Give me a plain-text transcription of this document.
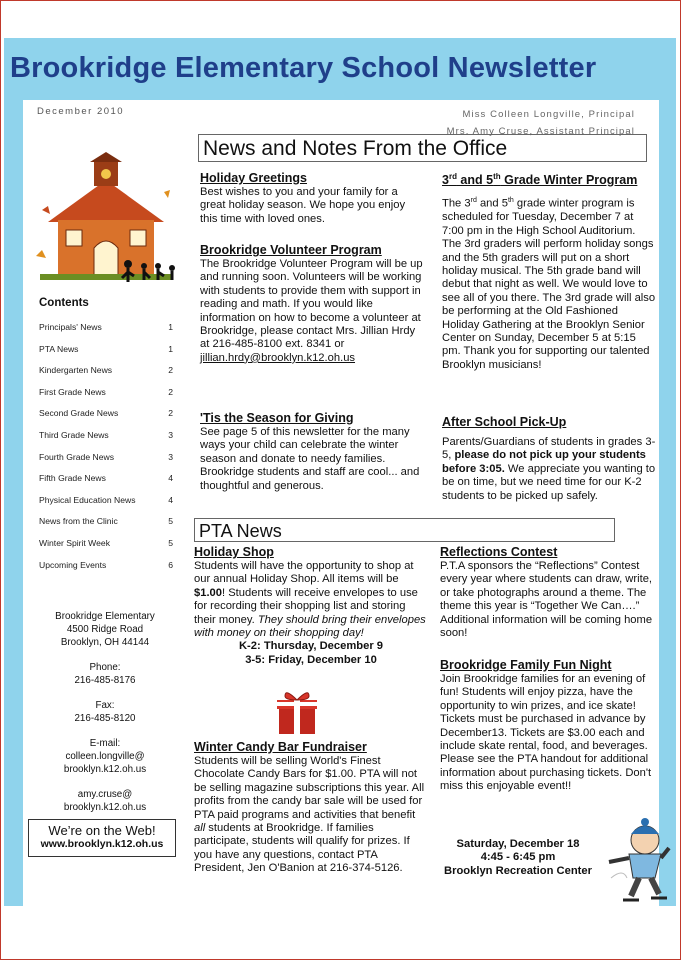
Brookridge Elementary School Newsletter
December 2010	Miss Colleen Longville, Principal
Mrs. Amy Cruse, Assistant Principal
Contents
Principals' News	1
PTA News	1
Kindergarten News	2
First Grade News	2
Second Grade News	2
Third Grade News	3
Fourth Grade News	3
Fifth Grade News	4
Physical Education News	4
News from the Clinic	5
Winter Spirit Week	5
Upcoming Events	6
Brookridge Elementary
4500 Ridge Road
Brooklyn, OH 44144
Phone:
216-485-8176
Fax:
216-485-8120
E-mail:
colleen.longville@
brooklyn.k12.oh.us
amy.cruse@
brooklyn.k12.oh.us
We’re on the Web!
www.brooklyn.k12.oh.us
News and Notes From the Office
Holiday Greetings

Best wishes to you and your family for a great holiday season. We hope you enjoy this time with loved ones.

Brookridge Volunteer Program

The Brookridge Volunteer Program will be up and running soon. Volunteers will be working with students to provide them with support in reading and math. If you would like information on how to become a volunteer at Brookridge, please contact Mrs. Jillian Hrdy at 216-485-8100 ext. 8341 or
jillian.hrdy@brooklyn.k12.oh.us

'Tis the Season for Giving

See page 5 of this newsletter for the many ways your child can celebrate the winter season and donate to needy families. Brookridge students and staff are cool... and thoughtful and generous.

3rd and 5th Grade Winter Program

The 3rd and 5th grade winter program is scheduled for Tuesday, December 7 at 7:00 pm in the High School Auditorium. The 3rd graders will perform holiday songs and the 5th graders will put on a short holiday musical. The 5th grade band will debut that night as well. We would love to see all of you there. The 3rd grade will also be performing at the Old Fashioned Holiday Gathering at the Brooklyn Senior Center on Sunday, December 5 at 5:15 pm. Thank you for supporting our talented Brooklyn musicians!

After School Pick-Up

Parents/Guardians of students in grades 3-5, please do not pick up your students before 3:05. We appreciate you wanting to be on time, but we need time for our K-2 students to be picked up safely.

PTA News
Holiday Shop

Students will have the opportunity to shop at our annual Holiday Shop. All items will be $1.00! Students will receive envelopes to use for recording their shopping list and storing their money. They should bring their envelopes with money on their shopping day!

K-2: Thursday, December 9

3-5: Friday, December 10

Winter Candy Bar Fundraiser

Students will be selling World's Finest Chocolate Candy Bars for $1.00. PTA will not be selling magazine subscriptions this year. All profits from the candy bar sale will be used for PTA paid programs and activities that benefit all students at Brookridge. If families participate, students will qualify for prizes. If you have any questions, contact PTA President, Jen O'Banion at 216-374-5126.

Reflections Contest

P.T.A sponsors the “Reflections” Contest every year where students can draw, write, or take photographs around a theme. The theme this year is “Together We Can….” Additional information will be coming home soon!

Brookridge Family Fun Night

Join Brookridge families for an evening of fun! Students will enjoy pizza, have the opportunity to win prizes, and ice skate! Tickets must be purchased in advance by December13. Tickets are $3.00 each and include skate rental, food, and beverages. Please see the PTA handout for additional information about purchasing tickets. Don't miss this enjoyable event!!

Saturday, December 18

4:45 - 6:45 pm

Brooklyn Recreation Center
